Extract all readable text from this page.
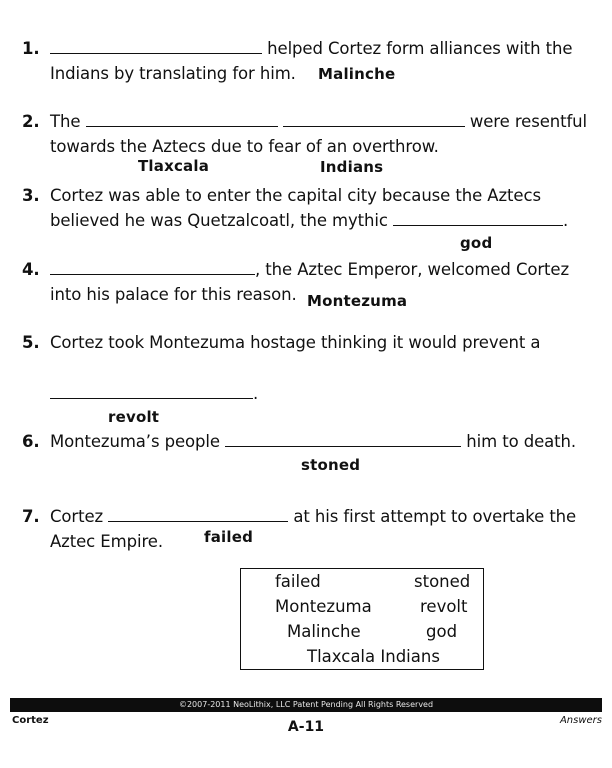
1.	helped Cortez form alliances with the
Indians by translating for him.	Malinche
2. The	were resentful
towards the Aztecs due to fear of an overthrow.
Tlaxcala	Indians
3. Cortez was able to enter the capital city because the Aztecs
believed he was Quetzalcoatl, the mythic	.
god
4.	, the Aztec Emperor, welcomed Cortez
into his palace for this reason. Montezuma
5. Cortez took Montezuma hostage thinking it would prevent a
.
revolt
6. Montezuma’s people	him to death.
stoned
7. Cortez	at his first attempt to overtake the
Aztec Empire.	failed
failed	stoned
Montezuma	revolt
Malinche	god
Tlaxcala Indians
©2007-2011 NeoLithix, LLC Patent Pending All Rights Reserved
Cortez	Answers
A-11
